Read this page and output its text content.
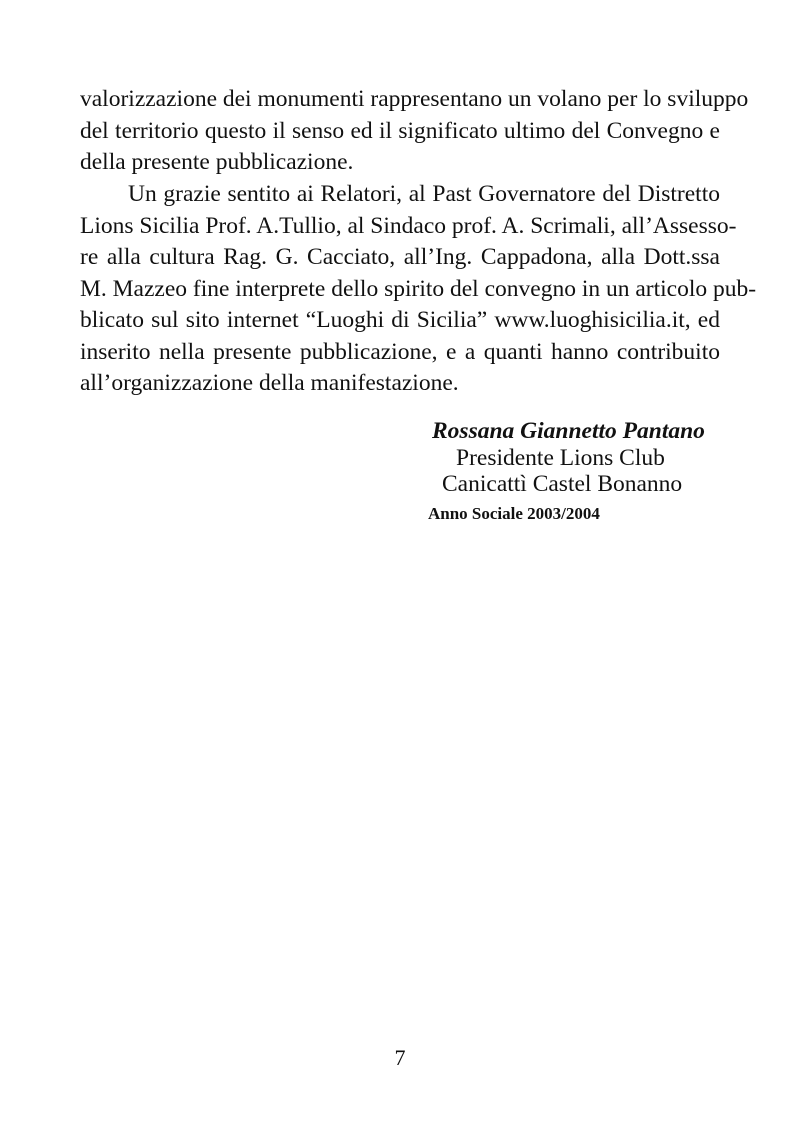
valorizzazione dei monumenti rappresentano un volano per lo sviluppo
del territorio questo il senso ed il significato ultimo del Convegno e
della presente pubblicazione.
Un grazie sentito ai Relatori, al Past Governatore del Distretto
Lions Sicilia Prof. A.Tullio, al Sindaco prof. A. Scrimali, all’Assesso-
re alla cultura Rag. G. Cacciato, all’Ing. Cappadona, alla Dott.ssa
M. Mazzeo fine interprete dello spirito del convegno in un articolo pub-
blicato sul sito internet “Luoghi di Sicilia” www.luoghisicilia.it, ed
inserito nella presente pubblicazione, e a quanti hanno contribuito
all’organizzazione della manifestazione.
Rossana Giannetto Pantano
Presidente Lions Club
Canicattì Castel Bonanno
Anno Sociale 2003/2004
7
